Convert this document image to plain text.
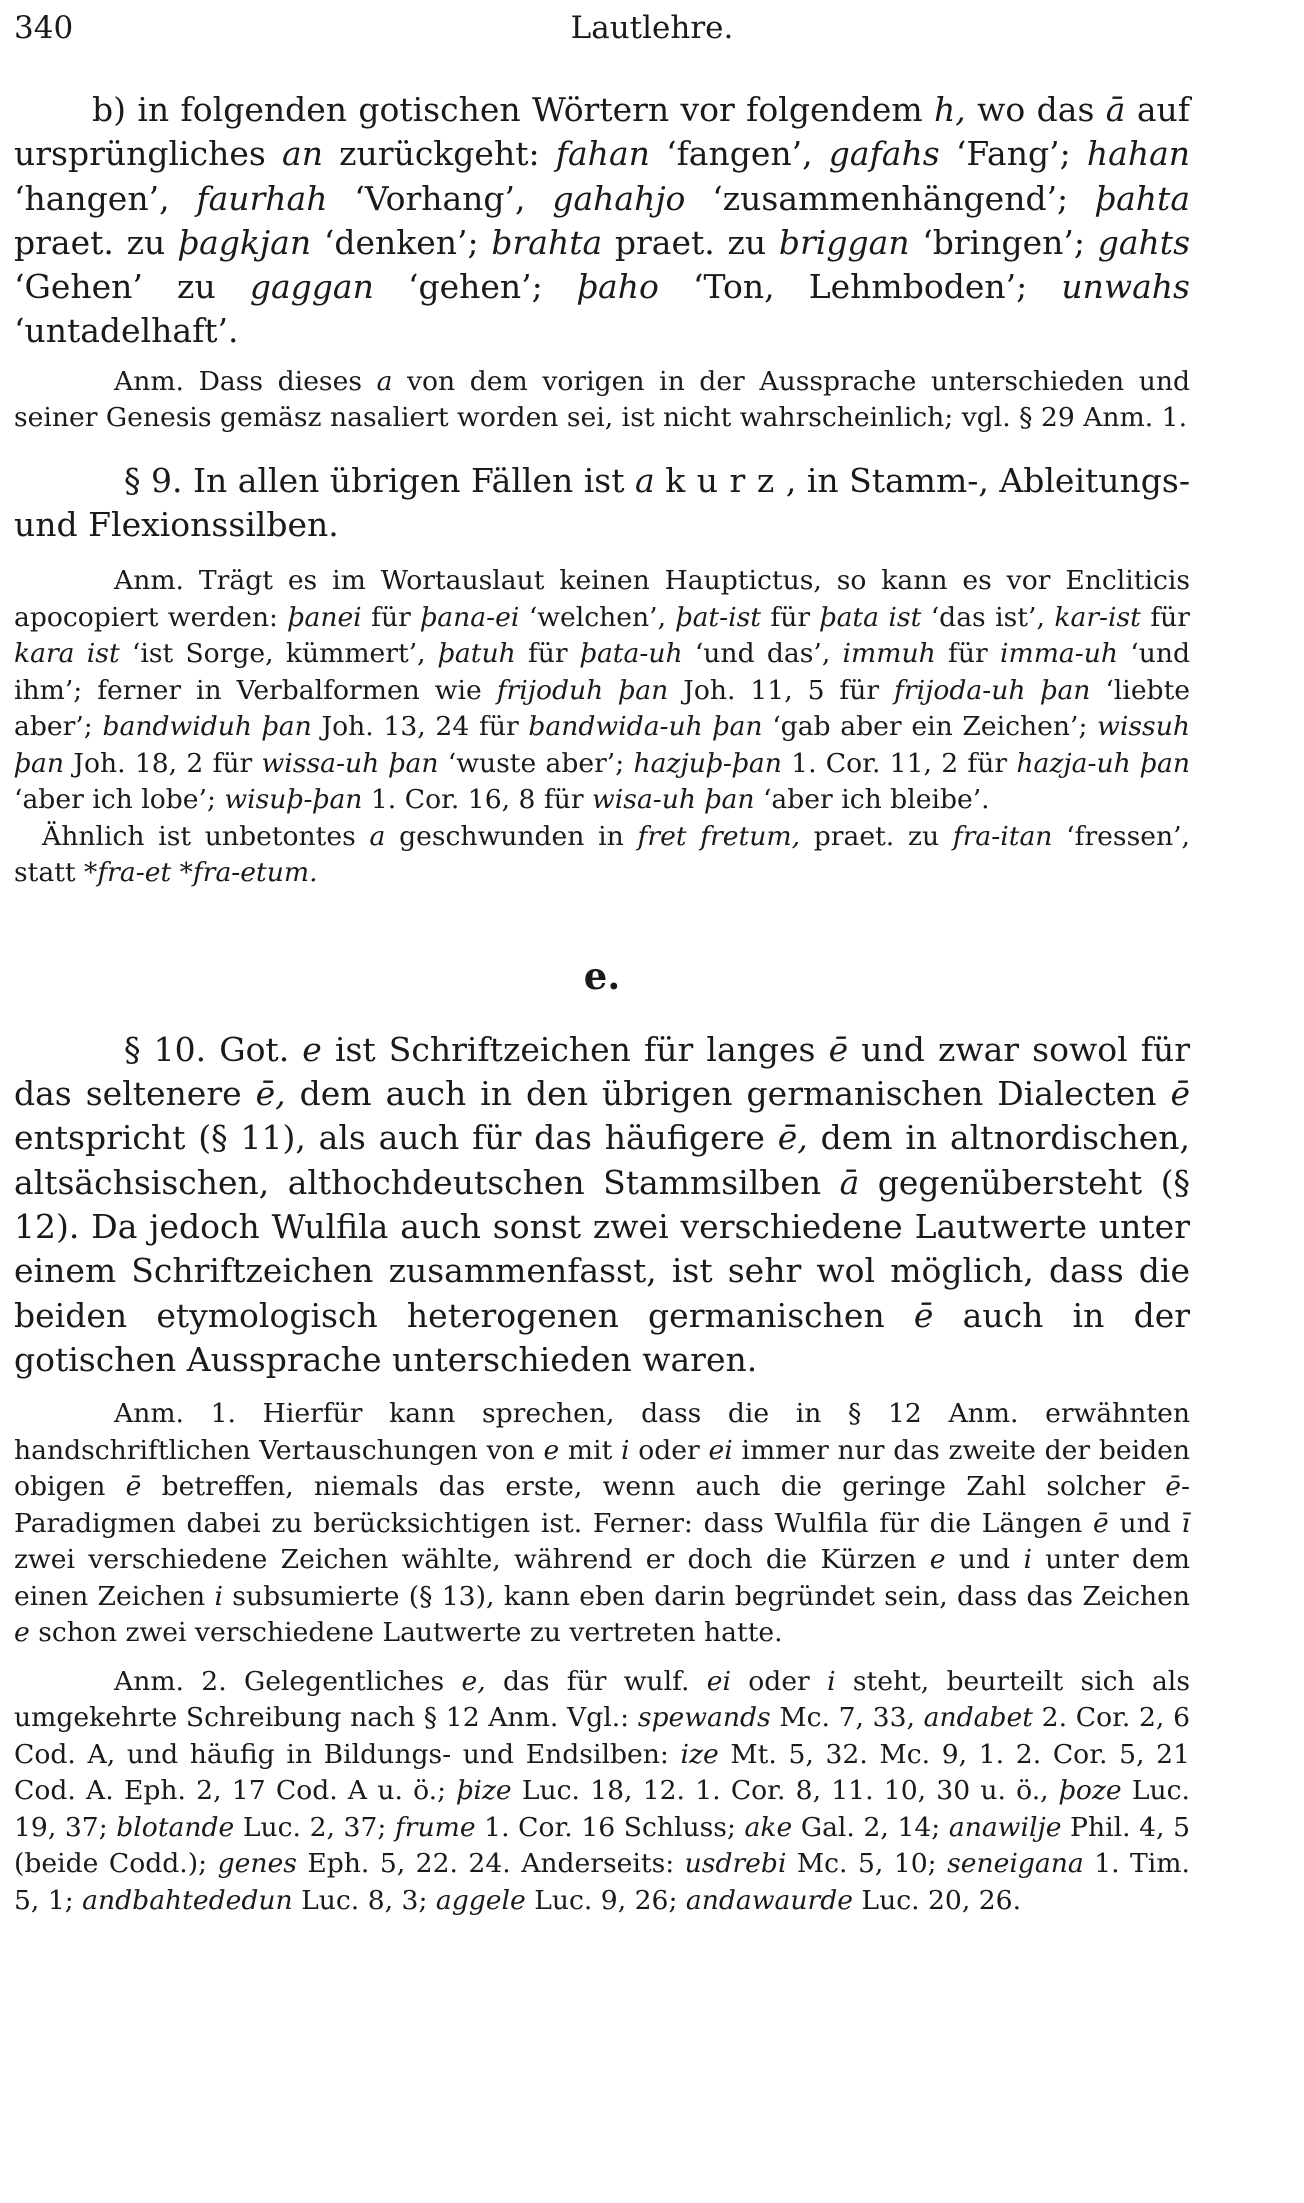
340	Lautlehre.

b) in folgenden gotischen Wörtern vor folgendem h, wo das ā auf ursprüngliches an zurückgeht: fahan ‘fangen’, gafahs ‘Fang’; hahan ‘hangen’, faurhah ‘Vorhang’, gahahjo ‘zusammenhängend’; þahta praet. zu þagkjan ‘denken’; brahta praet. zu briggan ‘bringen’; gahts ‘Gehen’ zu gaggan ‘gehen’; þaho ‘Ton, Lehmboden’; unwahs ‘untadelhaft’.

Anm. Dass dieses a von dem vorigen in der Aussprache unterschieden und seiner Genesis gemäsz nasaliert worden sei, ist nicht wahrscheinlich; vgl. § 29 Anm. 1.

§ 9. In allen übrigen Fällen ist a kurz, in Stamm-, Ableitungs- und Flexionssilben.

Anm. Trägt es im Wortauslaut keinen Hauptictus, so kann es vor Encliticis apocopiert werden: þanei für þana-ei ‘welchen’, þat-ist für þata ist ‘das ist’, kar-ist für kara ist ‘ist Sorge, kümmert’, þatuh für þata-uh ‘und das’, immuh für imma-uh ‘und ihm’; ferner in Verbalformen wie frijoduh þan Joh. 11, 5 für frijoda-uh þan ‘liebte aber’; bandwiduh þan Joh. 13, 24 für bandwida-uh þan ‘gab aber ein Zeichen’; wissuh þan Joh. 18, 2 für wissa-uh þan ‘wuste aber’; hazjuþ-þan 1. Cor. 11, 2 für hazja-uh þan ‘aber ich lobe’; wisuþ-þan 1. Cor. 16, 8 für wisa-uh þan ‘aber ich bleibe’.

Ähnlich ist unbetontes a geschwunden in fret fretum, praet. zu fra-itan ‘fressen’, statt *fra-et *fra-etum.

e.

§ 10. Got. e ist Schriftzeichen für langes ē und zwar sowol für das seltenere ē, dem auch in den übrigen germanischen Dialecten ē entspricht (§ 11), als auch für das häufigere ē, dem in altnordischen, altsächsischen, althochdeutschen Stammsilben ā gegenübersteht (§ 12). Da jedoch Wulfila auch sonst zwei verschiedene Lautwerte unter einem Schriftzeichen zusammenfasst, ist sehr wol möglich, dass die beiden etymologisch heterogenen germanischen ē auch in der gotischen Aussprache unterschieden waren.

Anm. 1. Hierfür kann sprechen, dass die in § 12 Anm. erwähnten handschriftlichen Vertauschungen von e mit i oder ei immer nur das zweite der beiden obigen ē betreffen, niemals das erste, wenn auch die geringe Zahl solcher ē-Paradigmen dabei zu berücksichtigen ist. Ferner: dass Wulfila für die Längen ē und ī zwei verschiedene Zeichen wählte, während er doch die Kürzen e und i unter dem einen Zeichen i subsumierte (§ 13), kann eben darin begründet sein, dass das Zeichen e schon zwei verschiedene Lautwerte zu vertreten hatte.

Anm. 2. Gelegentliches e, das für wulf. ei oder i steht, beurteilt sich als umgekehrte Schreibung nach § 12 Anm. Vgl.: spewands Mc. 7, 33, andabet 2. Cor. 2, 6 Cod. A, und häufig in Bildungs- und Endsilben: ize Mt. 5, 32. Mc. 9, 1. 2. Cor. 5, 21 Cod. A. Eph. 2, 17 Cod. A u. ö.; þize Luc. 18, 12. 1. Cor. 8, 11. 10, 30 u. ö., þoze Luc. 19, 37; blotande Luc. 2, 37; frume 1. Cor. 16 Schluss; ake Gal. 2, 14; anawilje Phil. 4, 5 (beide Codd.); genes Eph. 5, 22. 24. Anderseits: usdrebi Mc. 5, 10; seneigana 1. Tim. 5, 1; andbahtededun Luc. 8, 3; aggele Luc. 9, 26; andawaurde Luc. 20, 26.
